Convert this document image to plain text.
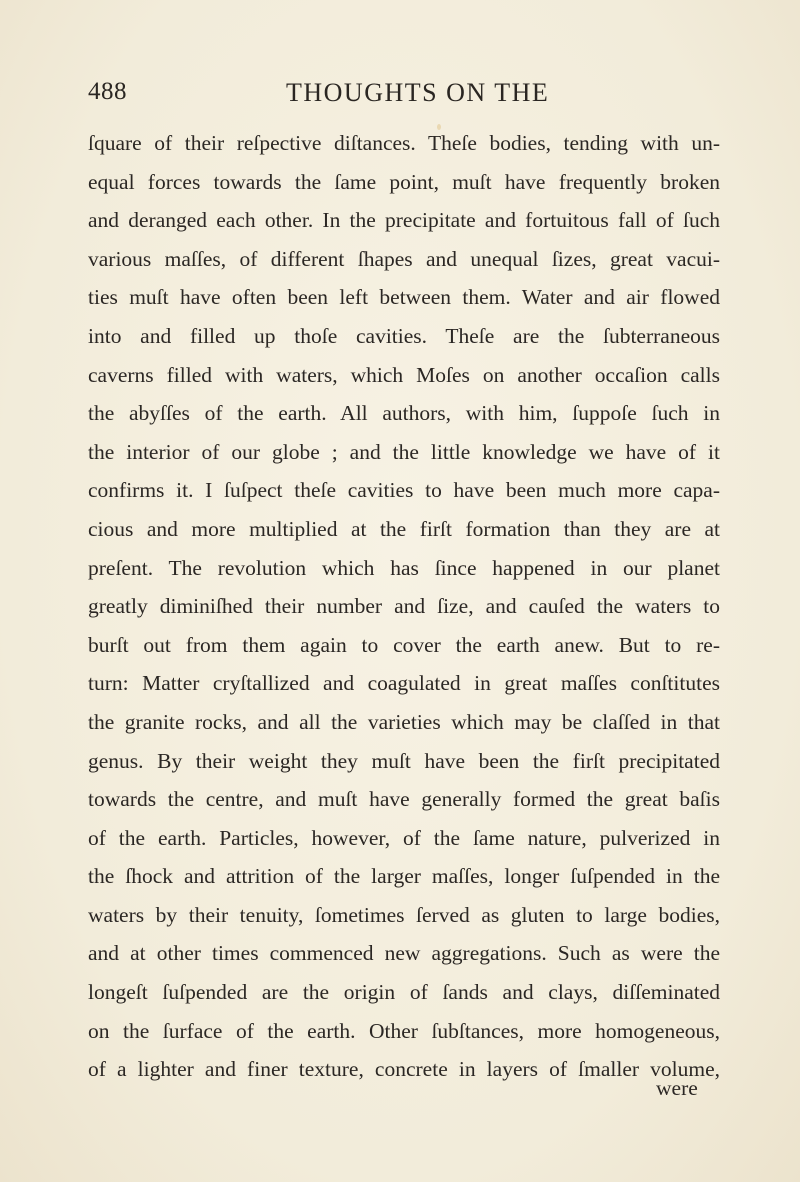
488	THOUGHTS ON THE
ſquare of their reſpective diſtances. Theſe bodies, tending with un-
equal forces towards the ſame point, muſt have frequently broken
and deranged each other. In the precipitate and fortuitous fall of ſuch
various maſſes, of different ſhapes and unequal ſizes, great vacui-
ties muſt have often been left between them. Water and air flowed
into and filled up thoſe cavities. Theſe are the ſubterraneous
caverns filled with waters, which Moſes on another occaſion calls
the abyſſes of the earth. All authors, with him, ſuppoſe ſuch in
the interior of our globe ; and the little knowledge we have of it
confirms it. I ſuſpect theſe cavities to have been much more capa-
cious and more multiplied at the firſt formation than they are at
preſent. The revolution which has ſince happened in our planet
greatly diminiſhed their number and ſize, and cauſed the waters to
burſt out from them again to cover the earth anew. But to re-
turn: Matter cryſtallized and coagulated in great maſſes conſtitutes
the granite rocks, and all the varieties which may be claſſed in that
genus. By their weight they muſt have been the firſt precipitated
towards the centre, and muſt have generally formed the great baſis
of the earth. Particles, however, of the ſame nature, pulverized in
the ſhock and attrition of the larger maſſes, longer ſuſpended in the
waters by their tenuity, ſometimes ſerved as gluten to large bodies,
and at other times commenced new aggregations. Such as were the
longeſt ſuſpended are the origin of ſands and clays, diſſeminated
on the ſurface of the earth. Other ſubſtances, more homogeneous,
of a lighter and finer texture, concrete in layers of ſmaller volume,
were
